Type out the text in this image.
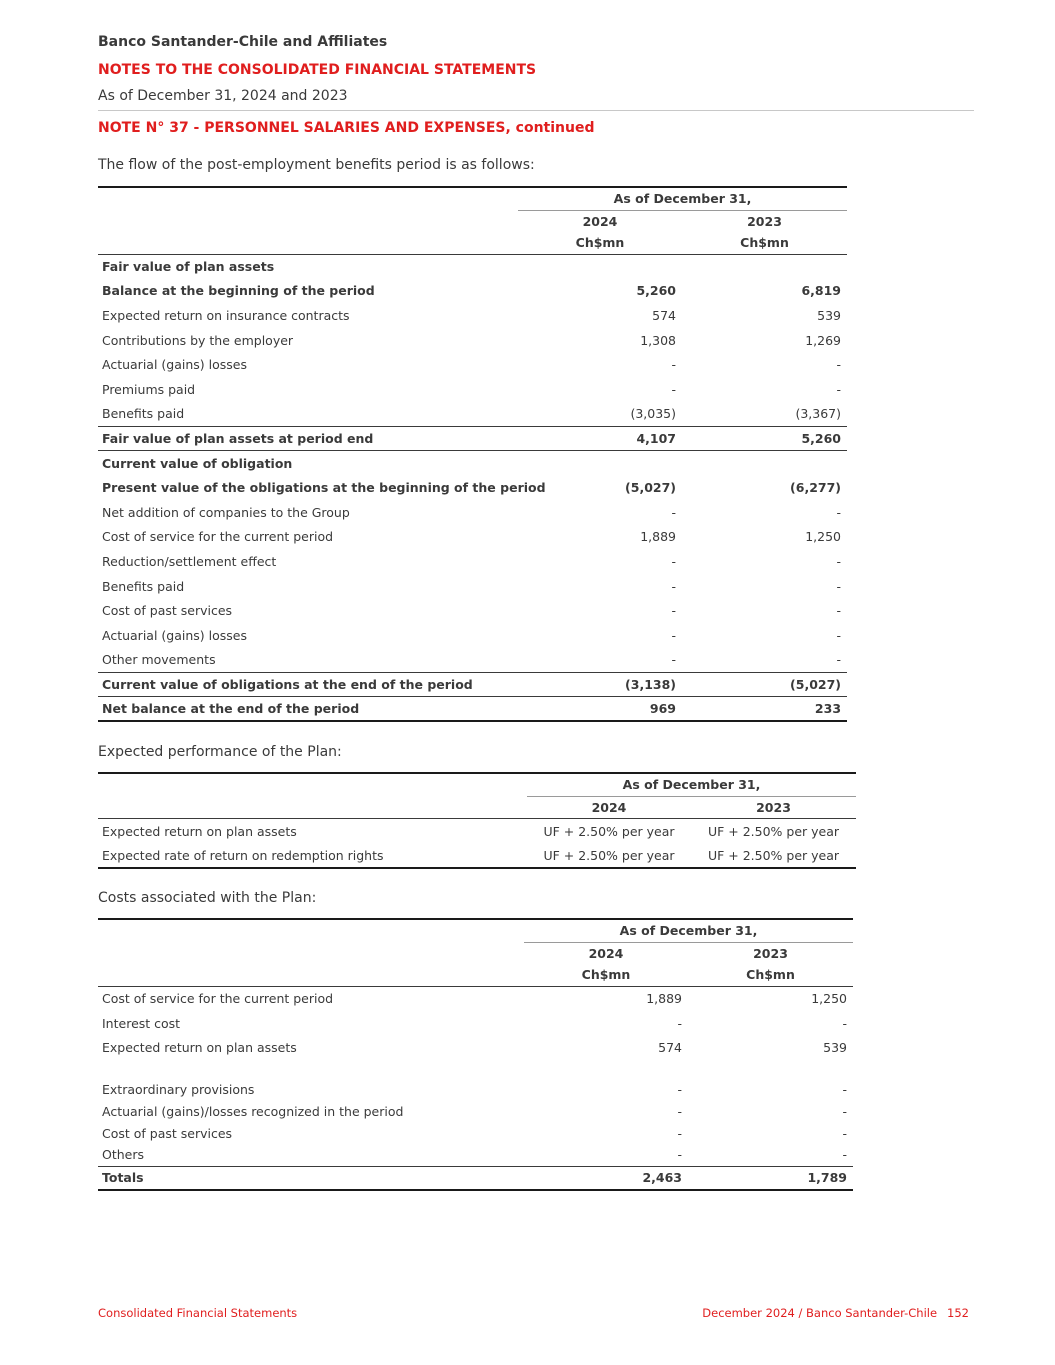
Banco Santander-Chile and Affiliates
NOTES TO THE CONSOLIDATED FINANCIAL STATEMENTS
As of December 31, 2024 and 2023
NOTE N° 37 - PERSONNEL SALARIES AND EXPENSES, continued
The flow of the post-employment benefits period is as follows:
	As of December 31,	
	2024	2023
	Ch$mn	Ch$mn
Fair value of plan assets		
Balance at the beginning of the period	5,260	6,819
Expected return on insurance contracts	574	539
Contributions by the employer	1,308	1,269
Actuarial (gains) losses	-	-
Premiums paid	-	-
Benefits paid	(3,035)	(3,367)
Fair value of plan assets at period end	4,107	5,260
Current value of obligation		
Present value of the obligations at the beginning of the period	(5,027)	(6,277)
Net addition of companies to the Group	-	-
Cost of service for the current period	1,889	1,250
Reduction/settlement effect	-	-
Benefits paid	-	-
Cost of past services	-	-
Actuarial (gains) losses	-	-
Other movements	-	-
Current value of obligations at the end of the period	(3,138)	(5,027)
Net balance at the end of the period	969	233
Expected performance of the Plan:
	As of December 31,	
	2024	2023
Expected return on plan assets	UF + 2.50% per year	UF + 2.50% per year
Expected rate of return on redemption rights	UF + 2.50% per year	UF + 2.50% per year
Costs associated with the Plan:
	As of December 31,	
	2024	2023
	Ch$mn	Ch$mn
Cost of service for the current period	1,889	1,250
Interest cost	-	-
Expected return on plan assets	574	539

Extraordinary provisions	-	-
Actuarial (gains)/losses recognized in the period	-	-
Cost of past services	-	-
Others	-	-
Totals	2,463	1,789
Consolidated Financial Statements	December 2024 / Banco Santander-Chile 152
